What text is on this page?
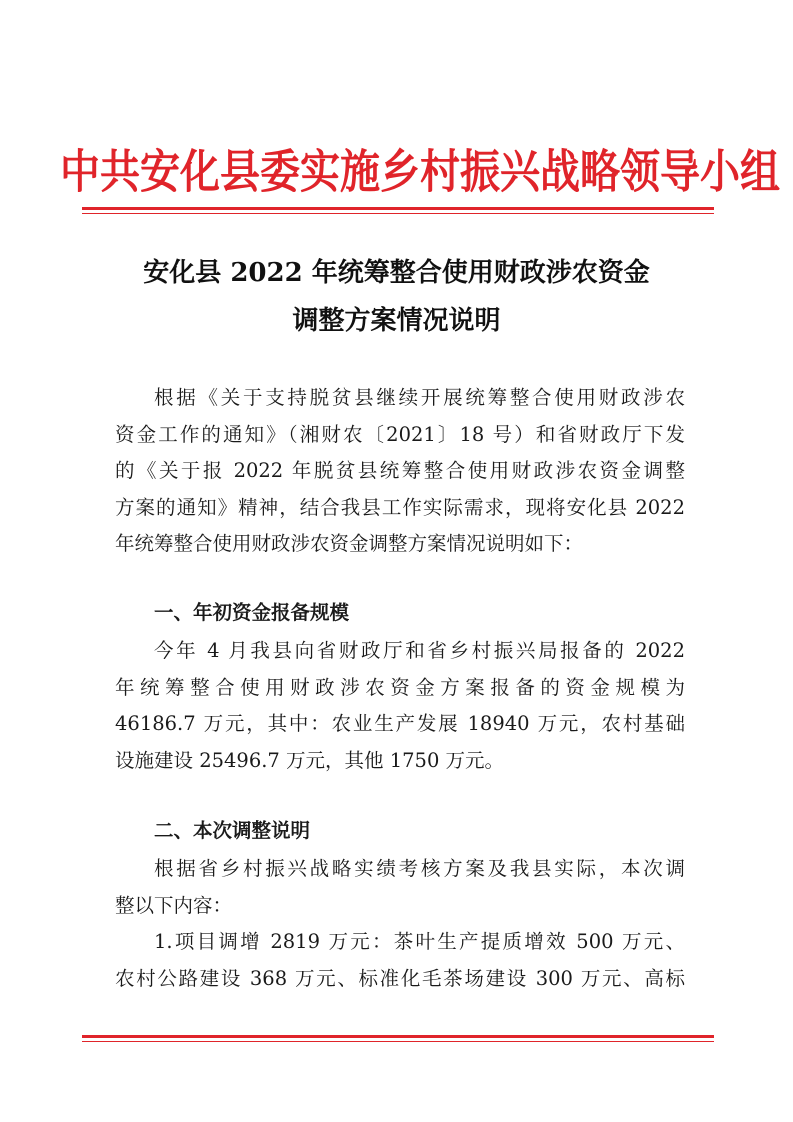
中共安化县委实施乡村振兴战略领导小组
安化县 2022 年统筹整合使用财政涉农资金
调整方案情况说明
根据《关于支持脱贫县继续开展统筹整合使用财政涉农
资金工作的通知》（湘财农〔2021〕18 号）和省财政厅下发
的《关于报 2022 年脱贫县统筹整合使用财政涉农资金调整
方案的通知》精神，结合我县工作实际需求，现将安化县 2022
年统筹整合使用财政涉农资金调整方案情况说明如下：
一、年初资金报备规模
今年 4 月我县向省财政厅和省乡村振兴局报备的 2022
年统筹整合使用财政涉农资金方案报备的资金规模为
46186.7 万元，其中：农业生产发展 18940 万元，农村基础
设施建设 25496.7 万元，其他 1750 万元。
二、本次调整说明
根据省乡村振兴战略实绩考核方案及我县实际，本次调
整以下内容：
1.项目调增 2819 万元：茶叶生产提质增效 500 万元、
农村公路建设 368 万元、标准化毛茶场建设 300 万元、高标
